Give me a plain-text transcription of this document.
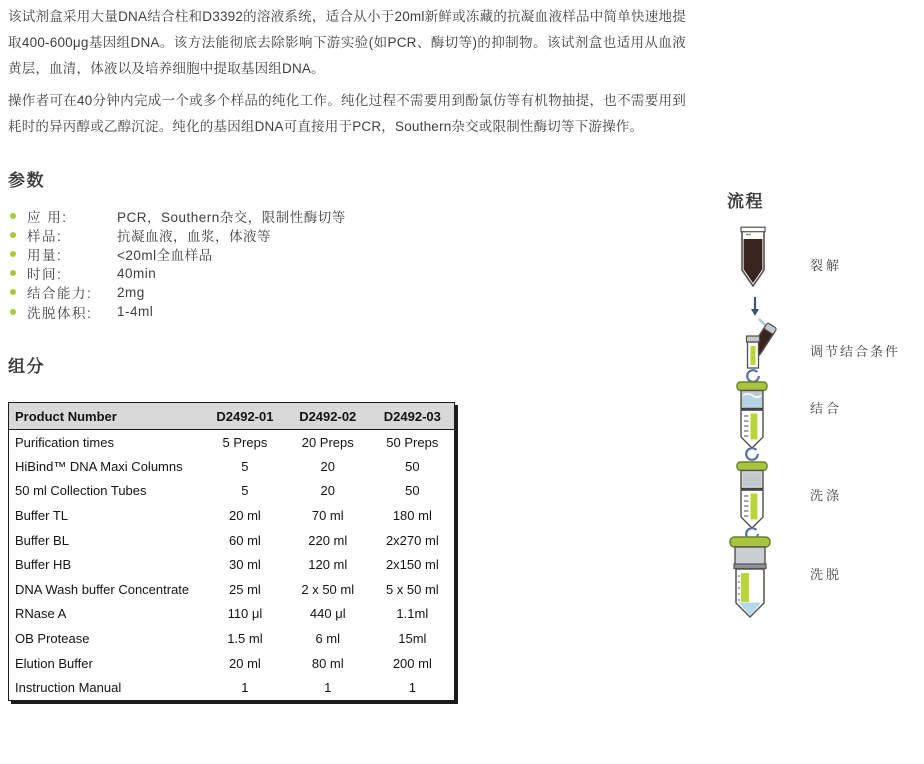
该试剂盒采用大量DNA结合柱和D3392的溶液系统，适合从小于20ml新鲜或冻藏的抗凝血液样品中简单快速地提取400-600μg基因组DNA。该方法能彻底去除影响下游实验(如PCR、酶切等)的抑制物。该试剂盒也适用从血液黄层，血清，体液以及培养细胞中提取基因组DNA。

操作者可在40分钟内完成一个或多个样品的纯化工作。纯化过程不需要用到酚氯仿等有机物抽提，也不需要用到耗时的异丙醇或乙醇沉淀。纯化的基因组DNA可直接用于PCR，Southern杂交或限制性酶切等下游操作。

参数
应 用:	PCR，Southern杂交，限制性酶切等
样品:	抗凝血液，血浆，体液等
用量:	<20ml全血样品
时间:	40min
结合能力:	2mg
洗脱体积:	1-4ml
组分
Product Number	D2492-01	D2492-02	D2492-03
Purification times	5 Preps	20 Preps	50 Preps
HiBind™ DNA Maxi Columns	5	20	50
50 ml Collection Tubes	5	20	50
Buffer TL	20 ml	70 ml	180 ml
Buffer BL	60 ml	220 ml	2x270 ml
Buffer HB	30 ml	120 ml	2x150 ml
DNA Wash buffer Concentrate	25 ml	2 x 50 ml	5 x 50 ml
RNase A	110 μl	440 μl	1.1ml
OB Protease	1.5 ml	6 ml	15ml
Elution Buffer	20 ml	80 ml	200 ml
Instruction Manual	1	1	1
流程
裂解
调节结合条件
结合
洗涤
洗脱
